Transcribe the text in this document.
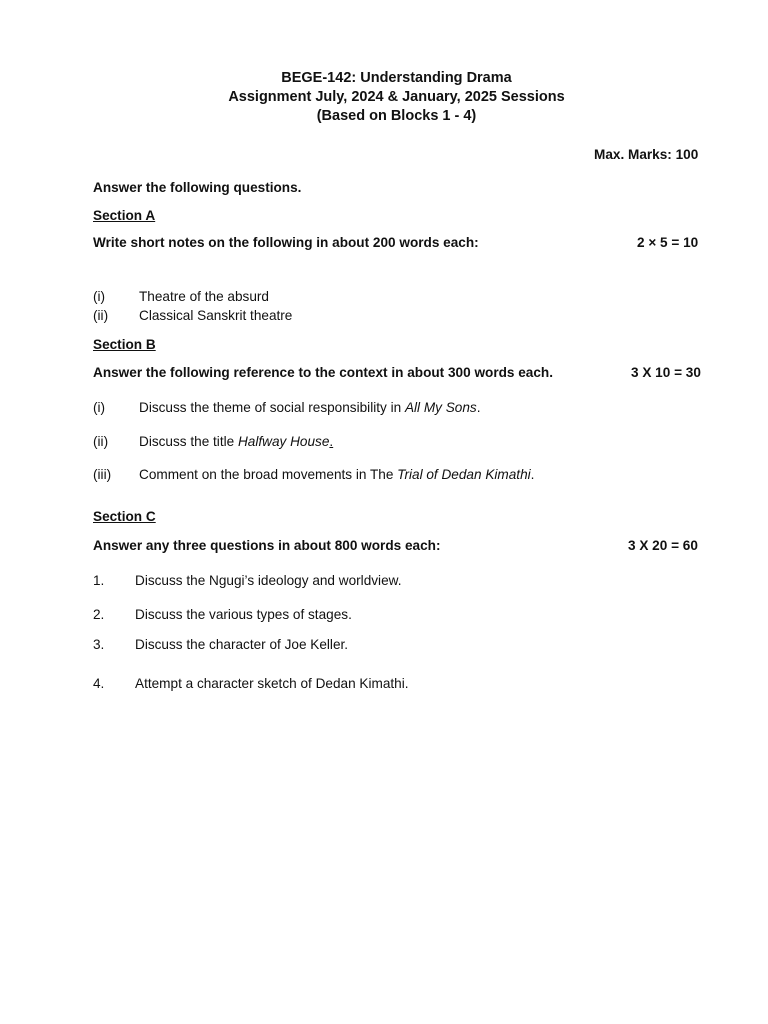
BEGE-142: Understanding Drama
Assignment July, 2024 & January, 2025 Sessions
(Based on Blocks 1 - 4)
Max. Marks: 100
Answer the following questions.
Section A
Write short notes on the following in about 200 words each:	2 × 5 = 10
(i) Theatre of the absurd
(ii) Classical Sanskrit theatre
Section B
Answer the following reference to the context in about 300 words each.	3 X 10 = 30
(i) Discuss the theme of social responsibility in All My Sons.
(ii) Discuss the title Halfway House.
(iii) Comment on the broad movements in The Trial of Dedan Kimathi.
Section C
Answer any three questions in about 800 words each:	3 X 20 = 60
1. Discuss the Ngugi’s ideology and worldview.
2. Discuss the various types of stages.
3. Discuss the character of Joe Keller.
4. Attempt a character sketch of Dedan Kimathi.
